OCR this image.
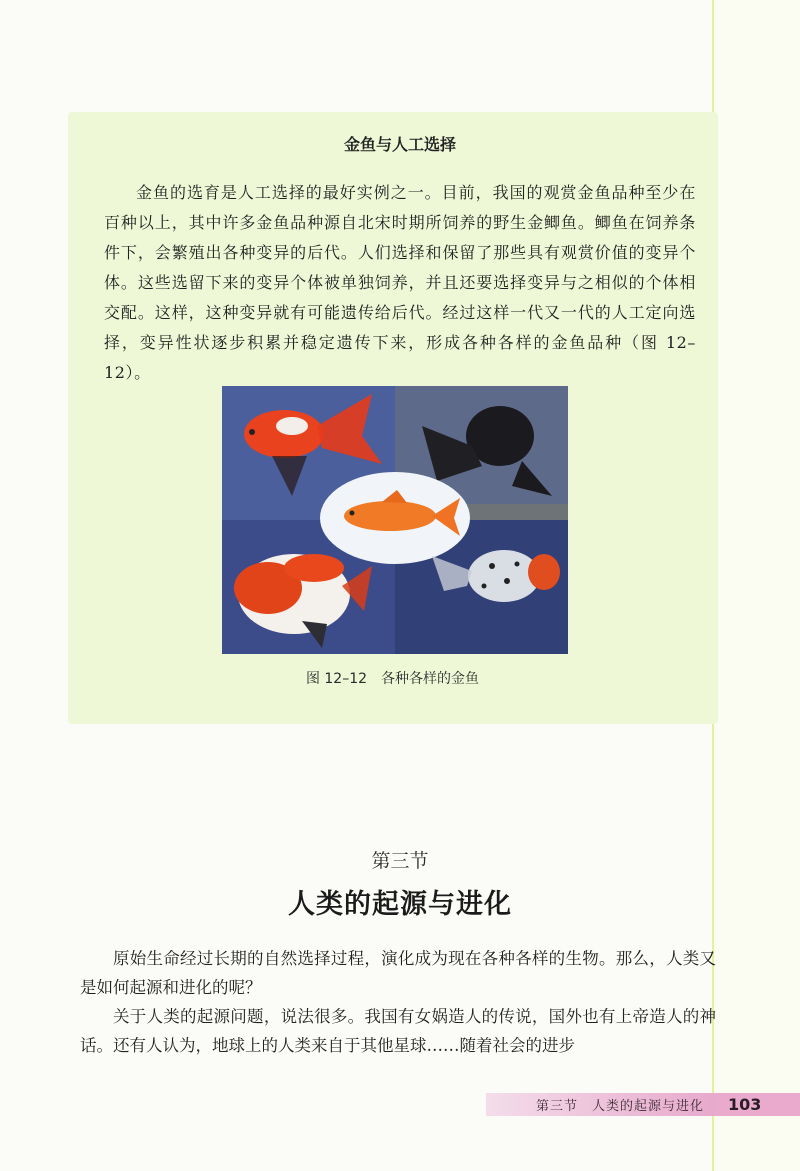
金鱼与人工选择
金鱼的选育是人工选择的最好实例之一。目前，我国的观赏金鱼品种至少在百种以上，其中许多金鱼品种源自北宋时期所饲养的野生金鲫鱼。鲫鱼在饲养条件下，会繁殖出各种变异的后代。人们选择和保留了那些具有观赏价值的变异个体。这些选留下来的变异个体被单独饲养，并且还要选择变异与之相似的个体相交配。这样，这种变异就有可能遗传给后代。经过这样一代又一代的人工定向选择，变异性状逐步积累并稳定遗传下来，形成各种各样的金鱼品种（图 12–12）。
图 12–12　各种各样的金鱼
第三节
人类的起源与进化

原始生命经过长期的自然选择过程，演化成为现在各种各样的生物。那么，人类又是如何起源和进化的呢？

关于人类的起源问题，说法很多。我国有女娲造人的传说，国外也有上帝造人的神话。还有人认为，地球上的人类来自于其他星球……随着社会的进步

第三节　人类的起源与进化	103
